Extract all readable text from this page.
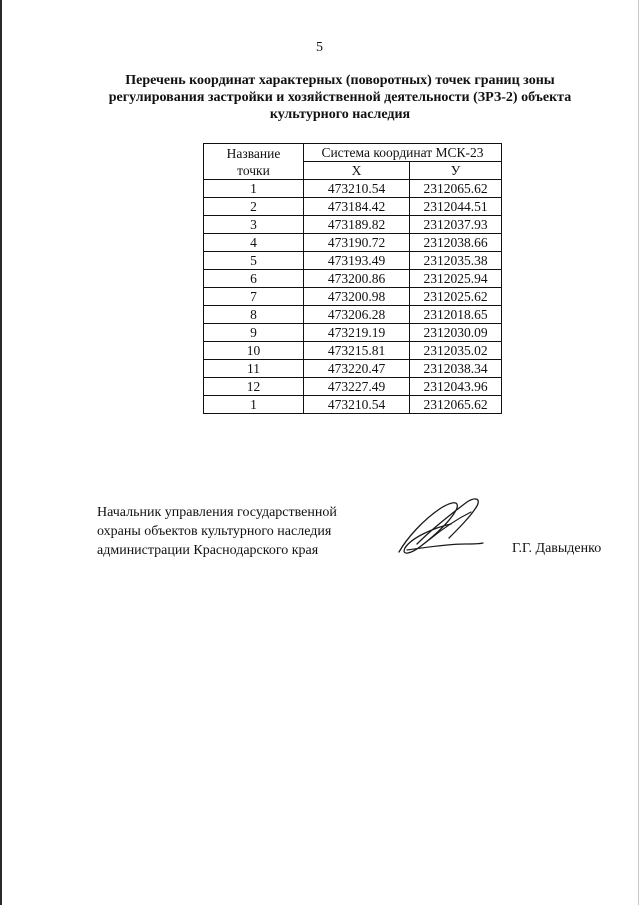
5
Перечень координат характерных (поворотных) точек границ зоны
регулирования застройки и хозяйственной деятельности (ЗРЗ-2) объекта
культурного наследия
Название точки	Система координат МСК-23	
	Х	У
1	473210.54	2312065.62
2	473184.42	2312044.51
3	473189.82	2312037.93
4	473190.72	2312038.66
5	473193.49	2312035.38
6	473200.86	2312025.94
7	473200.98	2312025.62
8	473206.28	2312018.65
9	473219.19	2312030.09
10	473215.81	2312035.02
11	473220.47	2312038.34
12	473227.49	2312043.96
1	473210.54	2312065.62
Начальник управления государственной
охраны объектов культурного наследия
администрации Краснодарского края	Г.Г. Давыденко
